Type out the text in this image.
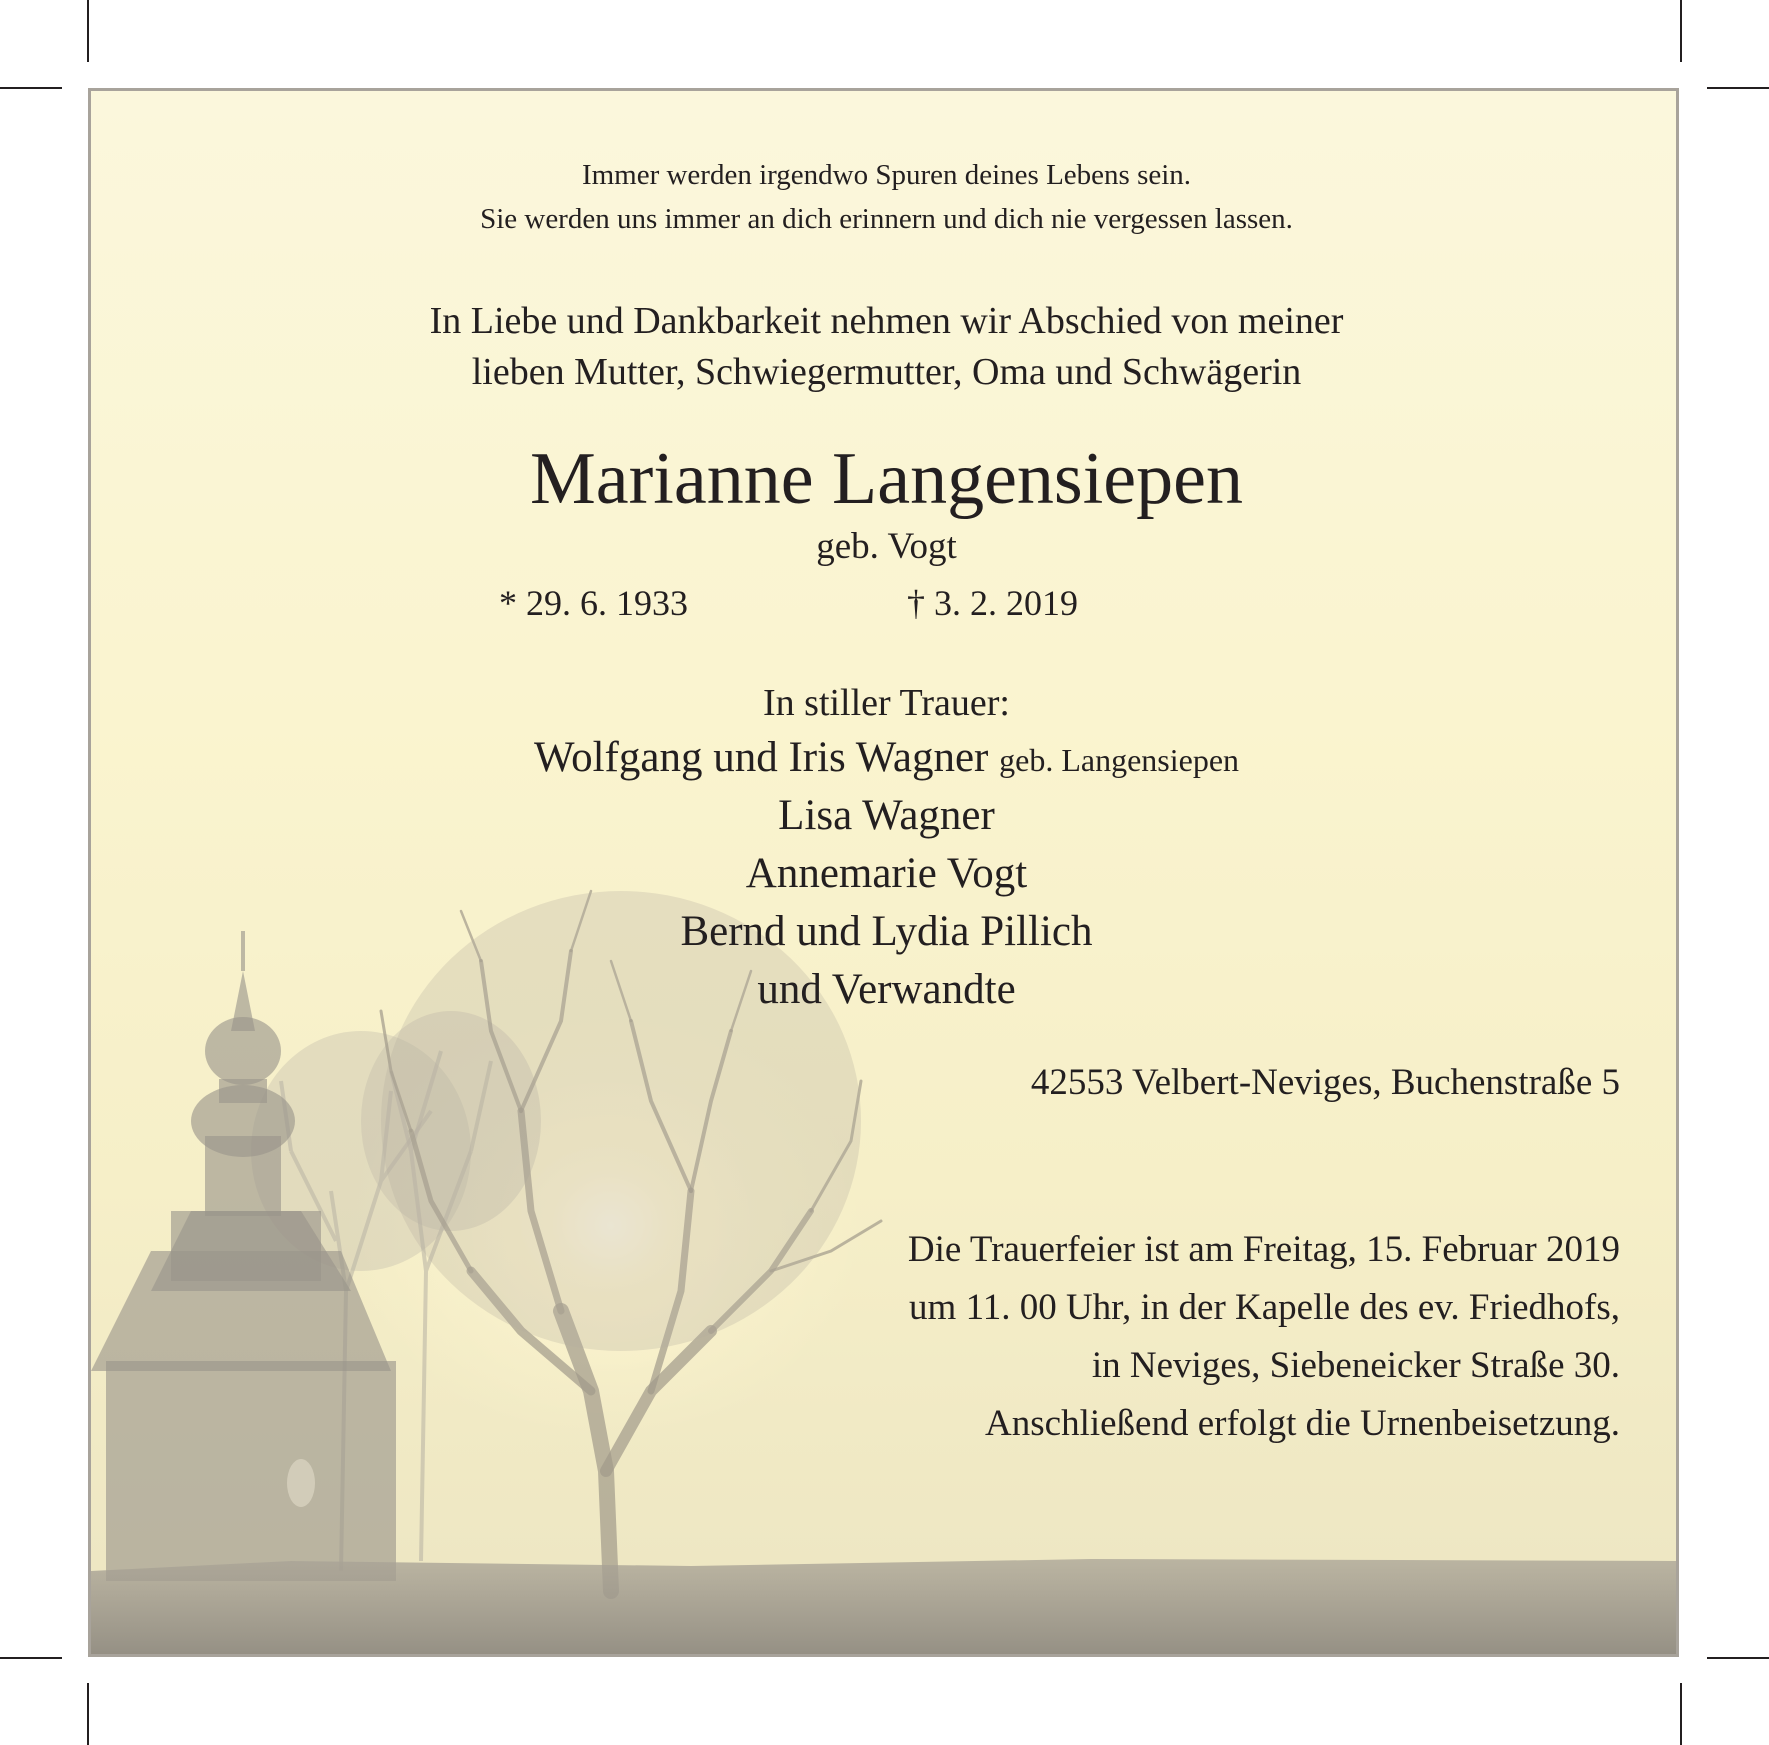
Immer werden irgendwo Spuren deines Lebens sein.
Sie werden uns immer an dich erinnern und dich nie vergessen lassen.
In Liebe und Dankbarkeit nehmen wir Abschied von meiner
lieben Mutter, Schwiegermutter, Oma und Schwägerin
Marianne Langensiepen
geb. Vogt
* 29. 6. 1933	† 3. 2. 2019
In stiller Trauer:
Wolfgang und Iris Wagner geb. Langensiepen
Lisa Wagner
Annemarie Vogt
Bernd und Lydia Pillich
und Verwandte
42553 Velbert-Neviges, Buchenstraße 5
Die Trauerfeier ist am Freitag, 15. Februar 2019
um 11. 00 Uhr, in der Kapelle des ev. Friedhofs,
in Neviges, Siebeneicker Straße 30.
Anschließend erfolgt die Urnenbeisetzung.
